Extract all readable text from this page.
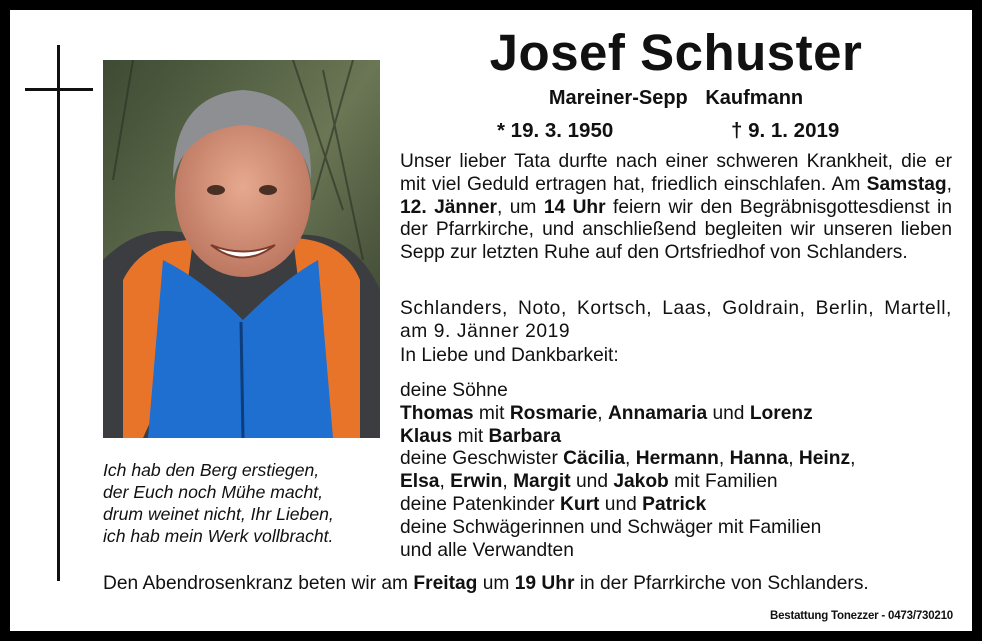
Ich hab den Berg erstiegen,
der Euch noch Mühe macht,
drum weinet nicht, Ihr Lieben,
ich hab mein Werk vollbracht.
Josef Schuster
Mareiner-Sepp Kaufmann
* 19. 3. 1950	† 9. 1. 2019

Unser lieber Tata durfte nach einer schweren Krankheit, die er mit viel Geduld ertragen hat, friedlich einschlafen. Am Samstag, 12. Jänner, um 14 Uhr feiern wir den Begräbnisgottesdienst in der Pfarrkirche, und anschließend begleiten wir unseren lieben Sepp zur letzten Ruhe auf den Ortsfriedhof von Schlanders.

Schlanders, Noto, Kortsch, Laas, Goldrain, Berlin, Martell, am 9. Jänner 2019
In Liebe und Dankbarkeit:
deine Söhne
Thomas mit Rosmarie, Annamaria und Lorenz
Klaus mit Barbara
deine Geschwister Cäcilia, Hermann, Hanna, Heinz,
Elsa, Erwin, Margit und Jakob mit Familien
deine Patenkinder Kurt und Patrick
deine Schwägerinnen und Schwäger mit Familien
und alle Verwandten
Den Abendrosenkranz beten wir am Freitag um 19 Uhr in der Pfarrkirche von Schlanders.
Bestattung Tonezzer - 0473/730210
